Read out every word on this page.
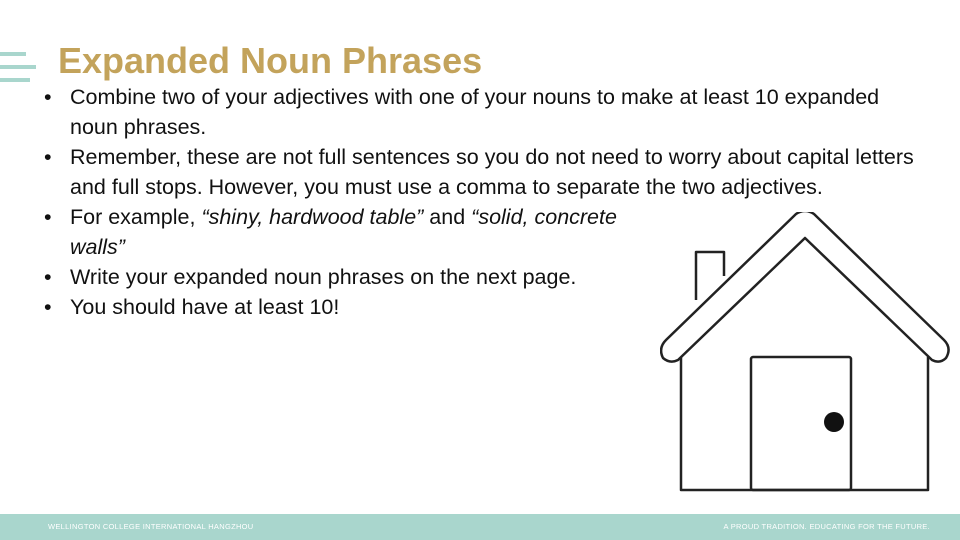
Expanded Noun Phrases
• Combine two of your adjectives with one of your nouns to make at least 10 expanded noun phrases.
• Remember, these are not full sentences so you do not need to worry about capital letters and full stops. However, you must use a comma to separate the two adjectives.
• For example, “shiny, hardwood table” and “solid, concrete walls”
• Write your expanded noun phrases on the next page.
• You should have at least 10!
WELLINGTON COLLEGE INTERNATIONAL HANGZHOU	A PROUD TRADITION. EDUCATING FOR THE FUTURE.
